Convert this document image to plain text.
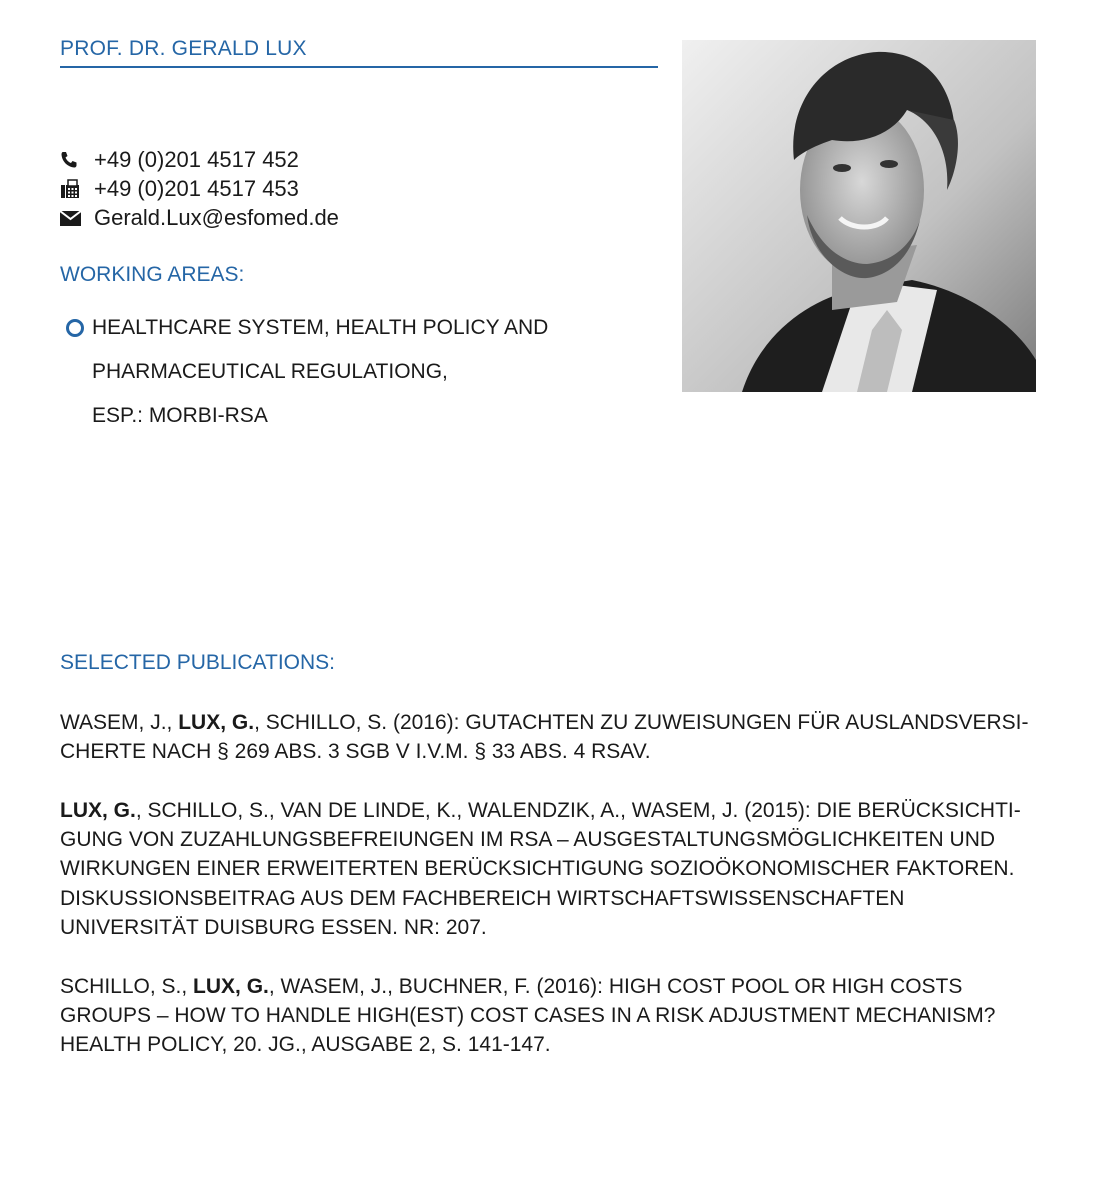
PROF. DR. GERALD LUX
+49 (0)201 4517 452
+49 (0)201 4517 453
Gerald.Lux@esfomed.de
WORKING AREAS:
HEALTHCARE SYSTEM, HEALTH POLICY AND
PHARMACEUTICAL REGULATIONG,
ESP.: MORBI-RSA
SELECTED PUBLICATIONS:
WASEM, J., LUX, G., SCHILLO, S. (2016): GUTACHTEN ZU ZUWEISUNGEN FÜR AUSLANDSVERSI-CHERTE NACH § 269 ABS. 3 SGB V I.V.M. § 33 ABS. 4 RSAV.
LUX, G., SCHILLO, S., VAN DE LINDE, K., WALENDZIK, A., WASEM, J. (2015): DIE BERÜCKSICHTI-GUNG VON ZUZAHLUNGSBEFREIUNGEN IM RSA – AUSGESTALTUNGSMÖGLICHKEITEN UND WIRKUNGEN EINER ERWEITERTEN BERÜCKSICHTIGUNG SOZIOÖKONOMISCHER FAKTOREN. DISKUSSIONSBEITRAG AUS DEM FACHBEREICH WIRTSCHAFTSWISSENSCHAFTEN UNIVERSITÄT DUISBURG ESSEN. NR: 207.
SCHILLO, S., LUX, G., WASEM, J., BUCHNER, F. (2016): HIGH COST POOL OR HIGH COSTS GROUPS – HOW TO HANDLE HIGH(EST) COST CASES IN A RISK ADJUSTMENT MECHANISM? HEALTH POLICY, 20. JG., AUSGABE 2, S. 141-147.
